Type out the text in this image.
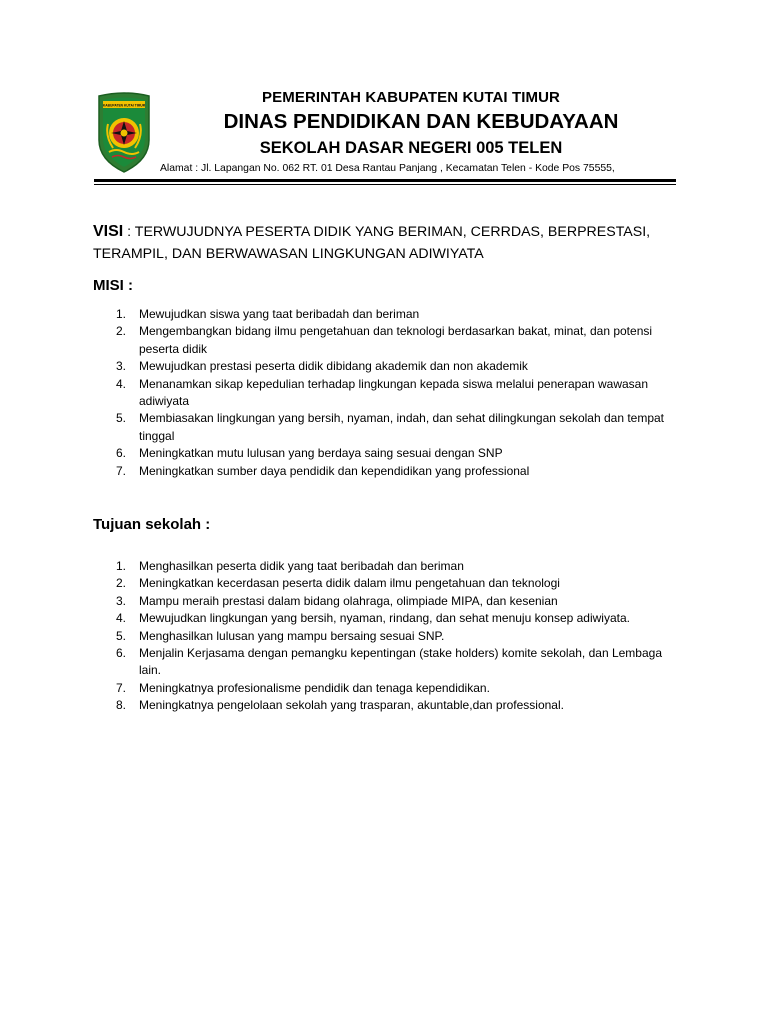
KABUPATEN KUTAI TIMUR	PEMERINTAH KABUPATEN KUTAI TIMUR
DINAS PENDIDIKAN DAN KEBUDAYAAN
SEKOLAH DASAR NEGERI 005 TELEN
Alamat : Jl. Lapangan No. 062 RT. 01 Desa Rantau Panjang , Kecamatan Telen - Kode Pos 75555,
VISI : TERWUJUDNYA PESERTA DIDIK YANG BERIMAN, CERRDAS, BERPRESTASI, TERAMPIL, DAN BERWAWASAN LINGKUNGAN ADIWIYATA
MISI :
1.	Mewujudkan siswa yang taat beribadah dan beriman
2.	Mengembangkan bidang ilmu pengetahuan dan teknologi berdasarkan bakat, minat, dan potensi peserta didik
3.	Mewujudkan prestasi peserta didik dibidang akademik dan non akademik
4.	Menanamkan sikap kepedulian terhadap lingkungan kepada siswa melalui penerapan wawasan adiwiyata
5.	Membiasakan lingkungan yang bersih, nyaman, indah, dan sehat dilingkungan sekolah dan tempat tinggal
6.	Meningkatkan mutu lulusan yang berdaya saing sesuai dengan SNP
7.	Meningkatkan sumber daya pendidik dan kependidikan yang professional
Tujuan sekolah :
1.	Menghasilkan peserta didik yang taat beribadah dan beriman
2.	Meningkatkan kecerdasan peserta didik dalam ilmu pengetahuan dan teknologi
3.	Mampu meraih prestasi dalam bidang olahraga, olimpiade MIPA, dan kesenian
4.	Mewujudkan lingkungan yang bersih, nyaman, rindang, dan sehat menuju konsep adiwiyata.
5.	Menghasilkan lulusan yang mampu bersaing sesuai SNP.
6.	Menjalin Kerjasama dengan pemangku kepentingan (stake holders) komite sekolah, dan Lembaga lain.
7.	Meningkatnya profesionalisme pendidik dan tenaga kependidikan.
8.	Meningkatnya pengelolaan sekolah yang trasparan, akuntable,dan professional.
